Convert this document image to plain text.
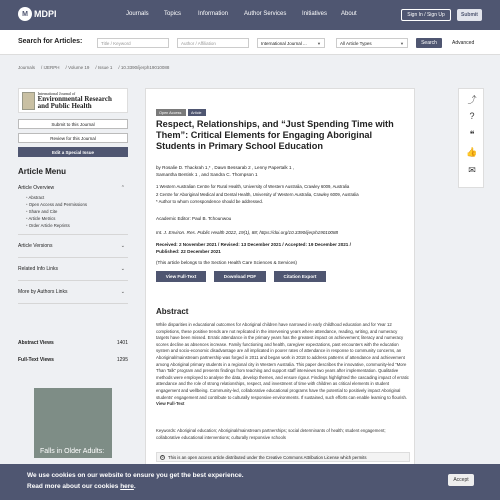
M MDPI	Journals	Topics	Information	Author Services	Initiatives About	Sign In / Sign Up	Submit
Search for Articles:	Title / Keyword	Author / Affiliation	International Journal ...	▼	All Article Types	▼	Search	Advanced
Journals / IJERPH / Volume 19 / Issue 1 / 10.3390/ijerph19010088
International Journal of
Environmental Research and Public Health
Submit to this Journal
Review for this Journal
Edit a Special Issue
Article Menu
Article Overview	⌃
• Abstract
• Open Access and Permissions
• Share and Cite
• Article Metrics
• Order Article Reprints
Article Versions	⌄
Related Info Links	⌄
More by Authors Links	⌄
Abstract Views	1401
Full-Text Views	1295
Falls in Older Adults:
Open Access	Article
Respect, Relationships, and “Just Spending Time with Them”: Critical Elements for Engaging Aboriginal Students in Primary School Education
by Rosalie D. Thackrah 1,* , Dawn Bessarab 2 , Lenny Papertalk 1 ,
Samantha Bentink 1 , and Sandra C. Thompson 1
1 Western Australian Centre for Rural Health, University of Western Australia, Crawley 6009, Australia
2 Centre for Aboriginal Medical and Dental Health, University of Western Australia, Crawley 6009, Australia
* Author to whom correspondence should be addressed.
Academic Editor: Paul B. Tchounwou
Int. J. Environ. Res. Public Health 2022, 19(1), 88; https://doi.org/10.3390/ijerph19010088
Received: 2 November 2021 / Revised: 13 December 2021 / Accepted: 19 December 2021 /
Published: 22 December 2021
(This article belongs to the Section Health Care Sciences & Services)
View Full-Text	Download PDF	Citation Export
Abstract
While disparities in educational outcomes for Aboriginal children have narrowed in early childhood education and for Year 12 completions, these positive trends are not replicated in the intervening years where attendance, reading, writing, and numeracy targets have been missed. Erratic attendance in the primary years has the greatest impact on achievement; literacy and numeracy scores decline as absences increase. Family functioning and health, caregiver expectations, past encounters with the education system and socio-economic disadvantage are all implicated in poorer rates of attendance in response to community concerns, an Aboriginal/mainstream partnership was forged in 2011 and began work in 2018 to address patterns of attendance and achievement among Aboriginal primary students in a regional city in Western Australia. This paper describes the innovative, community-led “More Than Talk” program and presents findings from teaching and support staff interviews two years after implementation. Qualitative methods were employed to analyse the data, develop themes, and ensure rigour. Findings highlighted the cascading impact of erratic attendance and the role of strong relationships, respect, and investment of time with children as critical elements in student engagement and wellbeing. Community-led, collaborative educational programs have the potential to positively impact Aboriginal students' engagement and contribute to culturally responsive environments. If sustained, such efforts can enable learning to flourish. View Full-Text
Keywords: Aboriginal education; Aboriginal/mainstream partnerships; social determinants of health; student engagement; collaborative educational interventions; culturally responsive schools
© This is an open access article distributed under the Creative Commons Attribution License which permits
⤴
?
❝
👍
✉
We use cookies on our website to ensure you get the best experience.
Read more about our cookies here.
Accept
